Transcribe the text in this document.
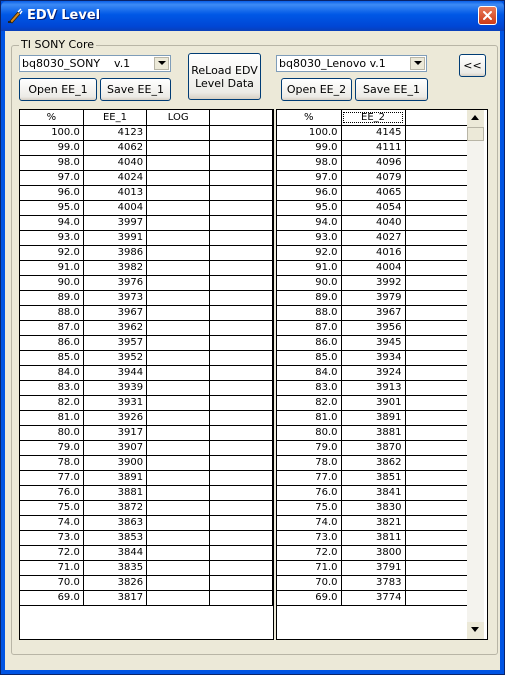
EDV Level
TI SONY Core
bq8030_SONY    v.1
Open EE_1	Save EE_1
ReLoad EDV
Level Data
bq8030_Lenovo v.1
Open EE_2	Save EE_1
<<
%	EE_1	LOG	
100.0	4123		
99.0	4062		
98.0	4040		
97.0	4024		
96.0	4013		
95.0	4004		
94.0	3997		
93.0	3991		
92.0	3986		
91.0	3982		
90.0	3976		
89.0	3973		
88.0	3967		
87.0	3962		
86.0	3957		
85.0	3952		
84.0	3944		
83.0	3939		
82.0	3931		
81.0	3926		
80.0	3917		
79.0	3907		
78.0	3900		
77.0	3891		
76.0	3881		
75.0	3872		
74.0	3863		
73.0	3853		
72.0	3844		
71.0	3835		
70.0	3826		
69.0	3817		
%	EE_2	
100.0	4145	
99.0	4111	
98.0	4096	
97.0	4079	
96.0	4065	
95.0	4054	
94.0	4040	
93.0	4027	
92.0	4016	
91.0	4004	
90.0	3992	
89.0	3979	
88.0	3967	
87.0	3956	
86.0	3945	
85.0	3934	
84.0	3924	
83.0	3913	
82.0	3901	
81.0	3891	
80.0	3881	
79.0	3870	
78.0	3862	
77.0	3851	
76.0	3841	
75.0	3830	
74.0	3821	
73.0	3811	
72.0	3800	
71.0	3791	
70.0	3783	
69.0	3774	
